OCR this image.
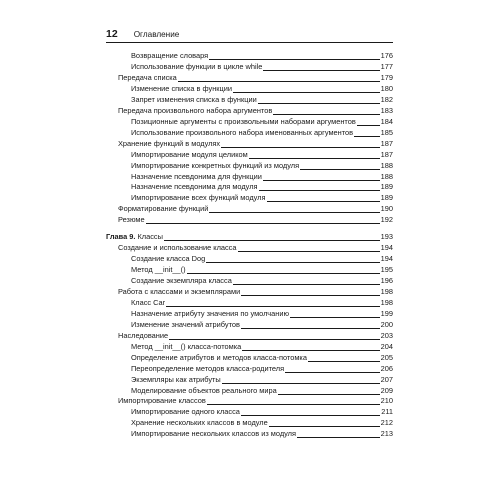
12 Оглавление
Возвращение словаря	176
Использование функции в цикле while	177
Передача списка	179
Изменение списка в функции	180
Запрет изменения списка в функции	182
Передача произвольного набора аргументов	183
Позиционные аргументы с произвольными наборами аргументов	184
Использование произвольного набора именованных аргументов	185
Хранение функций в модулях	187
Импортирование модуля целиком	187
Импортирование конкретных функций из модуля	188
Назначение псевдонима для функции	188
Назначение псевдонима для модуля	189
Импортирование всех функций модуля	189
Форматирование функций	190
Резюме	192
Глава 9. Классы	193
Создание и использование класса	194
Создание класса Dog	194
Метод __init__()	195
Создание экземпляра класса	196
Работа с классами и экземплярами	198
Класс Car	198
Назначение атрибуту значения по умолчанию	199
Изменение значений атрибутов	200
Наследование	203
Метод __init__() класса-потомка	204
Определение атрибутов и методов класса-потомка	205
Переопределение методов класса-родителя	206
Экземпляры как атрибуты	207
Моделирование объектов реального мира	209
Импортирование классов	210
Импортирование одного класса	211
Хранение нескольких классов в модуле	212
Импортирование нескольких классов из модуля	213
